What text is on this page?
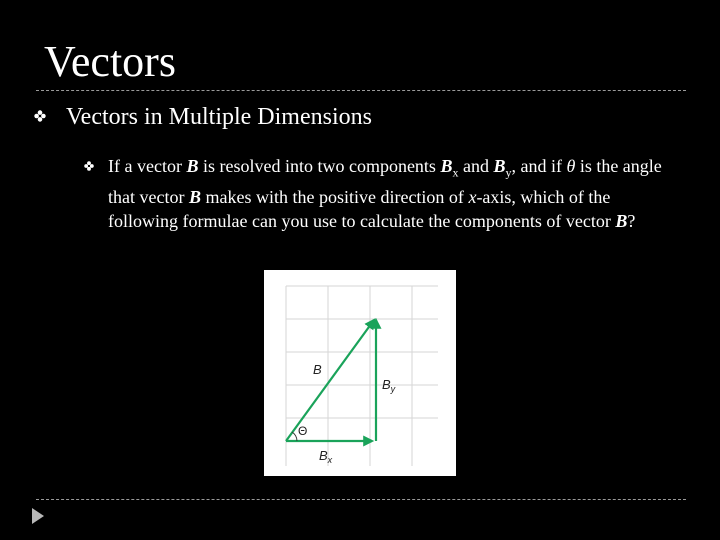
Vectors
Vectors in Multiple Dimensions
If a vector B is resolved into two components $B_x$ and $B_y$, and if θ is the angle that vector B makes with the positive direction of x-axis, which of the following formulae can you use to calculate the components of vector B?
B
$B_y$
Θ
$B_x$
